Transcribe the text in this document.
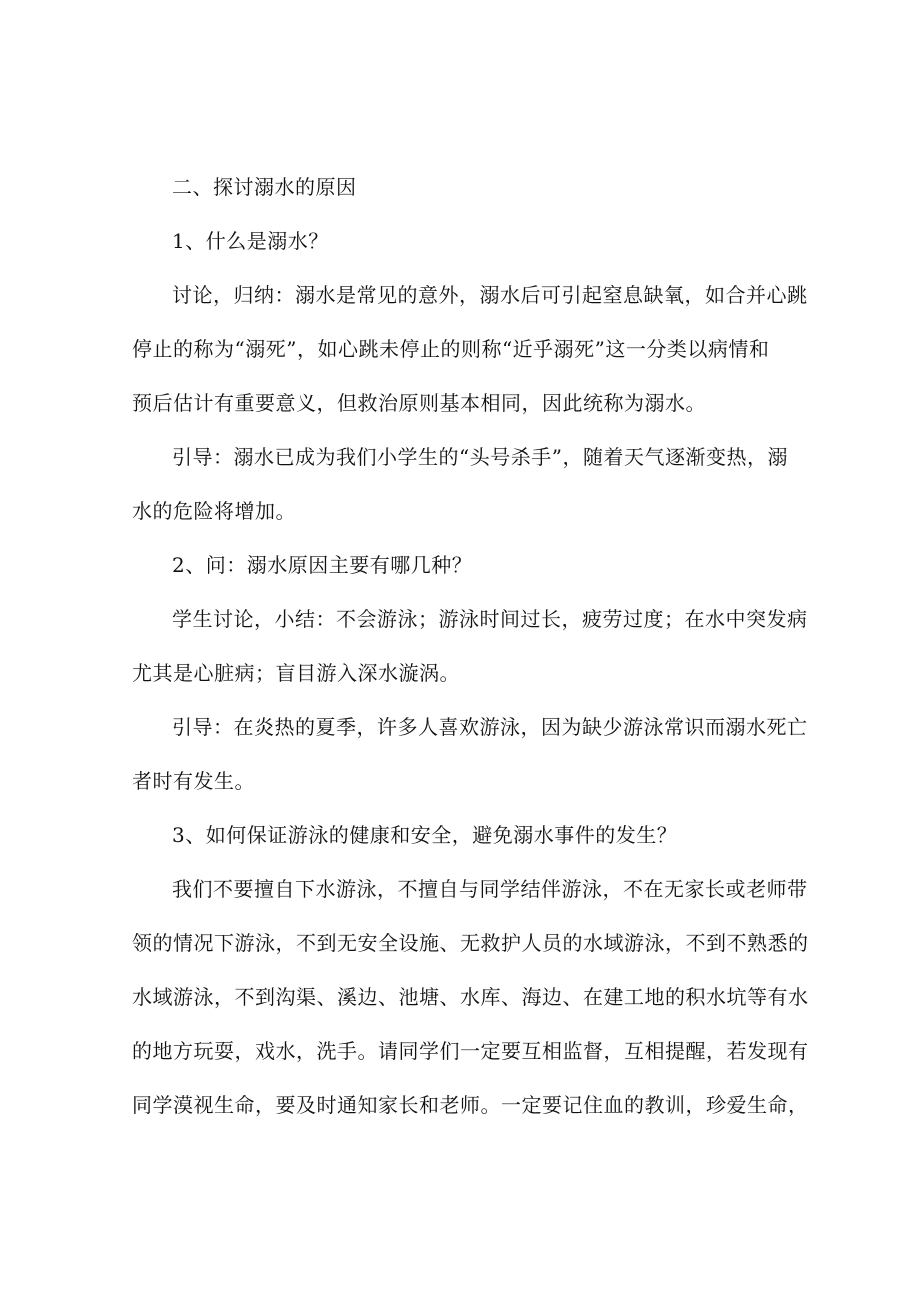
二、探讨溺水的原因

1、什么是溺水？

讨论，归纳：溺水是常见的意外，溺水后可引起窒息缺氧，如合并心跳
停止的称为“溺死”，如心跳未停止的则称“近乎溺死”这一分类以病情和
预后估计有重要意义，但救治原则基本相同，因此统称为溺水。

引导：溺水已成为我们小学生的“头号杀手”，随着天气逐渐变热，溺
水的危险将增加。

2、问：溺水原因主要有哪几种？

学生讨论，小结：不会游泳；游泳时间过长，疲劳过度；在水中突发病
尤其是心脏病；盲目游入深水漩涡。

引导：在炎热的夏季，许多人喜欢游泳，因为缺少游泳常识而溺水死亡
者时有发生。

3、如何保证游泳的健康和安全，避免溺水事件的发生？

我们不要擅自下水游泳，不擅自与同学结伴游泳，不在无家长或老师带
领的情况下游泳，不到无安全设施、无救护人员的水域游泳，不到不熟悉的
水域游泳，不到沟渠、溪边、池塘、水库、海边、在建工地的积水坑等有水
的地方玩耍，戏水，洗手。请同学们一定要互相监督，互相提醒，若发现有
同学漠视生命，要及时通知家长和老师。一定要记住血的教训，珍爱生命，
